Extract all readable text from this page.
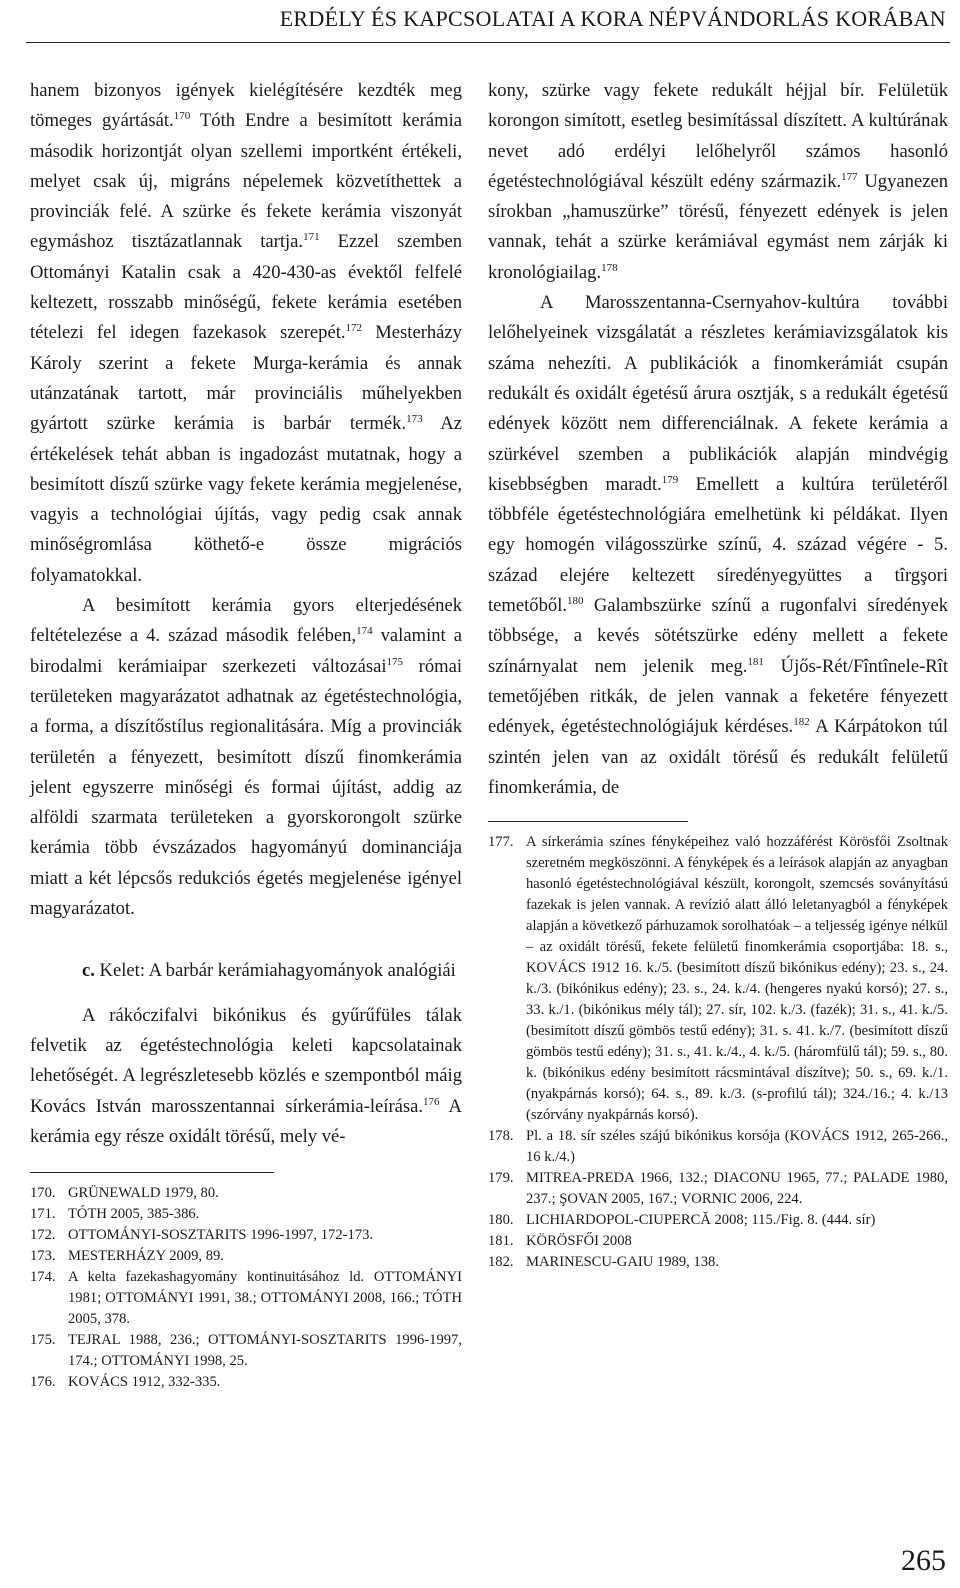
ERDÉLY ÉS KAPCSOLATAI A KORA NÉPVÁNDORLÁS KORÁBAN

hanem bizonyos igények kielégítésére kezdték meg tömeges gyártását.$^{170}$ Tóth Endre a besimított kerámia második horizontját olyan szellemi importként értékeli, melyet csak új, migráns népelemek közvetíthettek a provinciák felé. A szürke és fekete kerámia viszonyát egymáshoz tisztázatlannak tartja.$^{171}$ Ezzel szemben Ottományi Katalin csak a 420-430-as évektől felfelé keltezett, rosszabb minőségű, fekete kerámia esetében tételezi fel idegen fazekasok szerepét.$^{172}$ Mesterházy Károly szerint a fekete Murga-kerámia és annak utánzatának tartott, már provinciális műhelyekben gyártott szürke kerámia is barbár termék.$^{173}$ Az értékelések tehát abban is ingadozást mutatnak, hogy a besimított díszű szürke vagy fekete kerámia megjelenése, vagyis a technológiai újítás, vagy pedig csak annak minőségromlása köthető-e össze migrációs folyamatokkal.

A besimított kerámia gyors elterjedésének feltételezése a 4. század második felében,$^{174}$ valamint a birodalmi kerámiaipar szerkezeti változásai$^{175}$ római területeken magyarázatot adhatnak az égetéstechnológia, a forma, a díszítőstílus regionalitására. Míg a provinciák területén a fényezett, besimított díszű finomkerámia jelent egyszerre minőségi és formai újítást, addig az alföldi szarmata területeken a gyorskorongolt szürke kerámia több évszázados hagyományú dominanciája miatt a két lépcsős redukciós égetés megjelenése igényel magyarázatot.

c. Kelet: A barbár kerámiahagyományok analógiái

A rákóczifalvi bikónikus és gyűrűfüles tálak felvetik az égetéstechnológia keleti kapcsolatainak lehetőségét. A legrészletesebb közlés e szempontból máig Kovács István marosszentannai sírkerámia-leírása.$^{176}$ A kerámia egy része oxidált törésű, mely vé-

170. GRÜNEWALD 1979, 80.
171. TÓTH 2005, 385-386.
172. OTTOMÁNYI-SOSZTARITS 1996-1997, 172-173.
173. MESTERHÁZY 2009, 89.
174. A kelta fazekashagyomány kontinuitásához ld. OTTOMÁNYI 1981; OTTOMÁNYI 1991, 38.; OTTOMÁNYI 2008, 166.; TÓTH 2005, 378.
175. TEJRAL 1988, 236.; OTTOMÁNYI-SOSZTARITS 1996-1997, 174.; OTTOMÁNYI 1998, 25.
176. KOVÁCS 1912, 332-335.

kony, szürke vagy fekete redukált héjjal bír. Felületük korongon simított, esetleg besimítással díszített. A kultúrának nevet adó erdélyi lelőhelyről számos hasonló égetéstechnológiával készült edény származik.$^{177}$ Ugyanezen sírokban „hamuszürke” törésű, fényezett edények is jelen vannak, tehát a szürke kerámiával egymást nem zárják ki kronológiailag.$^{178}$

A Marosszentanna-Csernyahov-kultúra további lelőhelyeinek vizsgálatát a részletes kerámiavizsgálatok kis száma nehezíti. A publikációk a finomkerámiát csupán redukált és oxidált égetésű árura osztják, s a redukált égetésű edények között nem differenciálnak. A fekete kerámia a szürkével szemben a publikációk alapján mindvégig kisebbségben maradt.$^{179}$ Emellett a kultúra területéről többféle égetéstechnológiára emelhetünk ki példákat. Ilyen egy homogén világosszürke színű, 4. század végére - 5. század elejére keltezett síredényegyüttes a tîrgşori temetőből.$^{180}$ Galambszürke színű a rugonfalvi síredények többsége, a kevés sötétszürke edény mellett a fekete színárnyalat nem jelenik meg.$^{181}$ Újős-Rét/Fîntînele-Rît temetőjében ritkák, de jelen vannak a feketére fényezett edények, égetéstechnológiájuk kérdéses.$^{182}$ A Kárpátokon túl szintén jelen van az oxidált törésű és redukált felületű finomkerámia, de

177. A sírkerámia színes fényképeihez való hozzáférést Körösfői Zsoltnak szeretném megköszönni. A fényképek és a leírások alapján az anyagban hasonló égetéstechnológiával készült, korongolt, szemcsés soványítású fazekak is jelen vannak. A revízió alatt álló leletanyagból a fényképek alapján a következő párhuzamok sorolhatóak – a teljesség igénye nélkül – az oxidált törésű, fekete felületű finomkerámia csoportjába: 18. s., KOVÁCS 1912 16. k./5. (besimított díszű bikónikus edény); 23. s., 24. k./3. (bikónikus edény); 23. s., 24. k./4. (hengeres nyakú korsó); 27. s., 33. k./1. (bikónikus mély tál); 27. sír, 102. k./3. (fazék); 31. s., 41. k./5. (besimított díszű gömbös testű edény); 31. s. 41. k./7. (besimított díszű gömbös testű edény); 31. s., 41. k./4., 4. k./5. (háromfülű tál); 59. s., 80. k. (bikónikus edény besimított rácsmintával díszítve); 50. s., 69. k./1. (nyakpárnás korsó); 64. s., 89. k./3. (s-profilú tál); 324./16.; 4. k./13 (szórvány nyakpárnás korsó).
178. Pl. a 18. sír széles szájú bikónikus korsója (KOVÁCS 1912, 265-266., 16 k./4.)
179. MITREA-PREDA 1966, 132.; DIACONU 1965, 77.; PALADE 1980, 237.; ŞOVAN 2005, 167.; VORNIC 2006, 224.
180. LICHIARDOPOL-CIUPERCĂ 2008; 115./Fig. 8. (444. sír)
181. KÖRÖSFŐI 2008
182. MARINESCU-GAIU 1989, 138.
265
